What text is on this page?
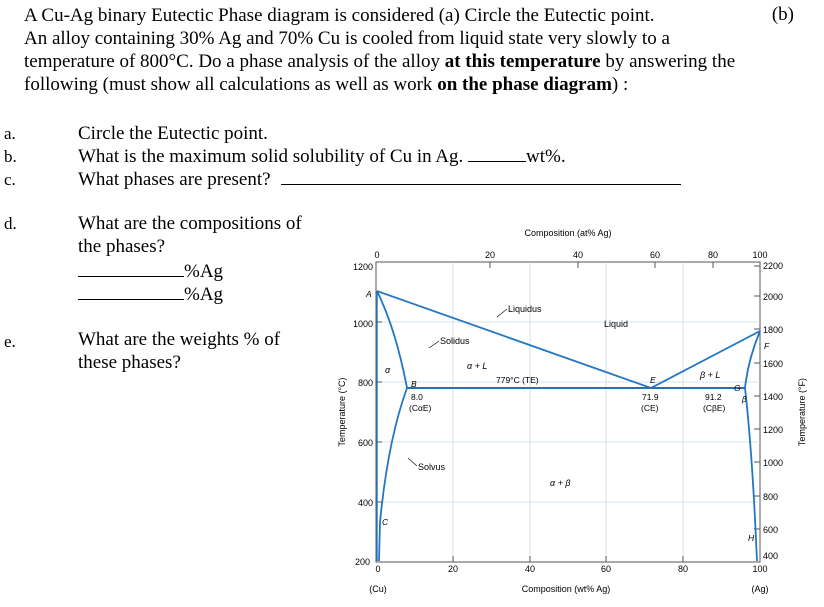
A Cu-Ag binary Eutectic Phase diagram is considered (a) Circle the Eutectic point.
An alloy containing 30% Ag and 70% Cu is cooled from liquid state very slowly to a
temperature of 800°C. Do a phase analysis of the alloy at this temperature by answering the
following (must show all calculations as well as work on the phase diagram) :
(b)
a.	Circle the Eutectic point.
b.	What is the maximum solid solubility of Cu in Ag.	wt%.
c.	What phases are present?
d.	What are the compositions of
the phases?
%Ag
%Ag
e.	What are the weights % of
these phases?
1200
1000
800
600
400
200
Temperature (°C)
2200
2000
1800
1600
1400
1200
1000
800
600
400
Temperature (°F)
Composition (at% Ag)
0	20	40	60	80	100
0	20	40	60	80	100
(Cu)	(Ag)
Composition (wt% Ag)
Liquidus
Liquid
Solidus
α + L
α	β + L
β
779°C (TE)
Solvus
α + β
A
B
C
E
F
G
H
8.0
(CαE)
71.9
(CE)
91.2
(CβE)
